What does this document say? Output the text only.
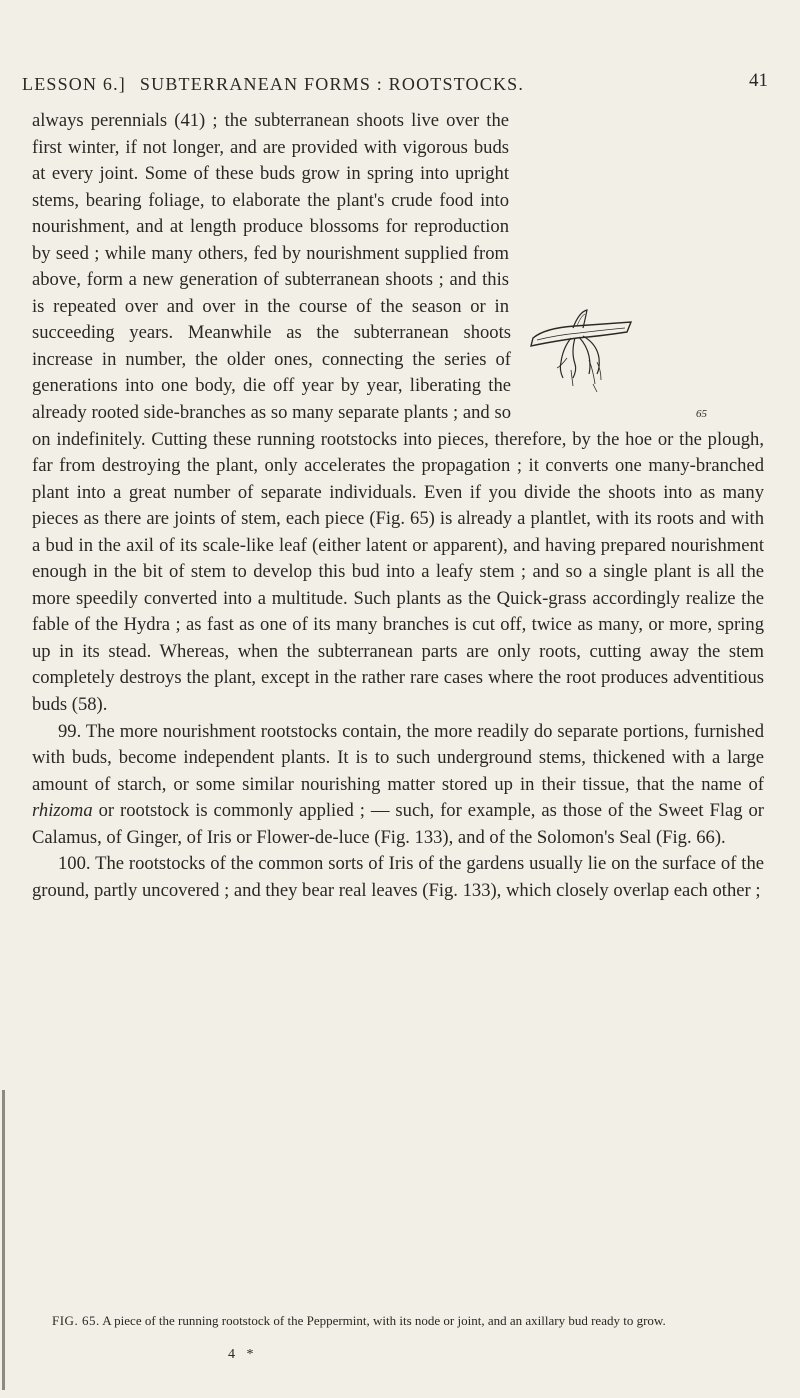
LESSON 6.] SUBTERRANEAN FORMS : ROOTSTOCKS.	41
65

always perennials (41) ; the subterranean shoots live over the first winter, if not longer, and are provided with vigorous buds at every joint. Some of these buds grow in spring into upright stems, bearing foliage, to elaborate the plant's crude food into nourishment, and at length produce blossoms for reproduction by seed ; while many others, fed by nourishment supplied from above, form a new generation of subterranean shoots ; and this is repeated over and over in the course of the season or in succeeding years. Meanwhile as the subterranean shoots increase in number, the older ones, connecting the series of generations into one body, die off year by year, liberating the already rooted side-branches as so many separate plants ; and so on indefinitely. Cutting these running rootstocks into pieces, therefore, by the hoe or the plough, far from destroying the plant, only accelerates the propagation ; it converts one many-branched plant into a great number of separate individuals. Even if you divide the shoots into as many pieces as there are joints of stem, each piece (Fig. 65) is already a plantlet, with its roots and with a bud in the axil of its scale-like leaf (either latent or apparent), and having prepared nourishment enough in the bit of stem to develop this bud into a leafy stem ; and so a single plant is all the more speedily converted into a multitude. Such plants as the Quick-grass accordingly realize the fable of the Hydra ; as fast as one of its many branches is cut off, twice as many, or more, spring up in its stead. Whereas, when the subterranean parts are only roots, cutting away the stem completely destroys the plant, except in the rather rare cases where the root produces adventitious buds (58).

99. The more nourishment rootstocks contain, the more readily do separate portions, furnished with buds, become independent plants. It is to such underground stems, thickened with a large amount of starch, or some similar nourishing matter stored up in their tissue, that the name of rhizoma or rootstock is commonly applied ; — such, for example, as those of the Sweet Flag or Calamus, of Ginger, of Iris or Flower-de-luce (Fig. 133), and of the Solomon's Seal (Fig. 66).

100. The rootstocks of the common sorts of Iris of the gardens usually lie on the surface of the ground, partly uncovered ; and they bear real leaves (Fig. 133), which closely overlap each other ;

FIG. 65. A piece of the running rootstock of the Peppermint, with its node or joint, and an axillary bud ready to grow.
4 *
